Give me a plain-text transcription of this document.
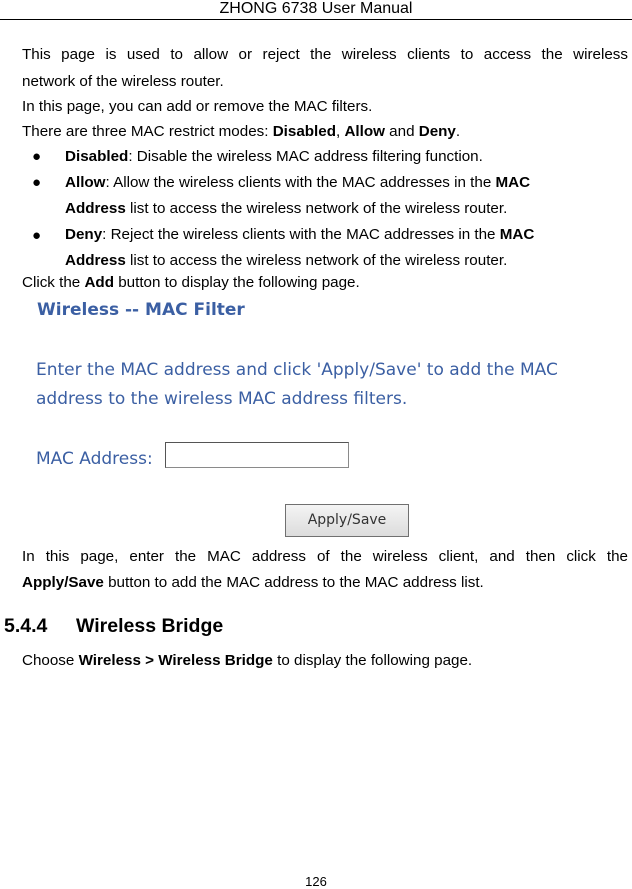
ZHONG 6738 User Manual

This page is used to allow or reject the wireless clients to access the wireless

network of the wireless router.

In this page, you can add or remove the MAC filters.

There are three MAC restrict modes: Disabled, Allow and Deny.

● Disabled: Disable the wireless MAC address filtering function.
● Allow: Allow the wireless clients with the MAC addresses in the MAC
Address list to access the wireless network of the wireless router.
● Deny: Reject the wireless clients with the MAC addresses in the MAC
Address list to access the wireless network of the wireless router.

Click the Add button to display the following page.

Wireless -- MAC Filter
Enter the MAC address and click 'Apply/Save' to add the MAC
address to the wireless MAC address filters.
MAC Address:
Apply/Save

In this page, enter the MAC address of the wireless client, and then click the

Apply/Save button to add the MAC address to the MAC address list.

5.4.4 Wireless Bridge

Choose Wireless > Wireless Bridge to display the following page.

126
